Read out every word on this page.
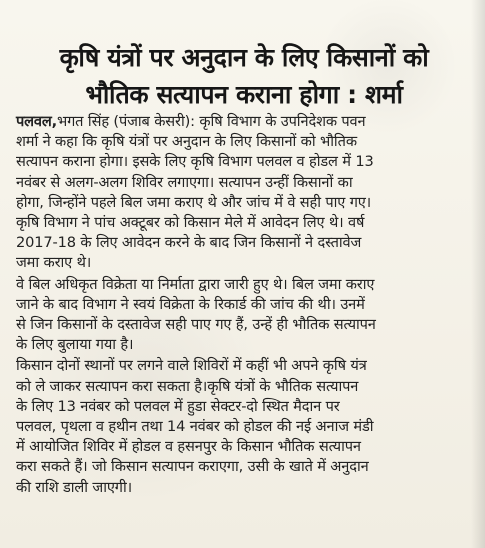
कृषि यंत्रों पर अनुदान के लिए किसानों को
भौतिक सत्यापन कराना होगा : शर्मा

पलवल,भगत सिंह (पंजाब केसरी): कृषि विभाग के उपनिदेशक पवन
शर्मा ने कहा कि कृषि यंत्रों पर अनुदान के लिए किसानों को भौतिक
सत्यापन कराना होगा। इसके लिए कृषि विभाग पलवल व होडल में 13
नवंबर से अलग-अलग शिविर लगाएगा। सत्यापन उन्हीं किसानों का
होगा, जिन्होंने पहले बिल जमा कराए थे और जांच में वे सही पाए गए।
कृषि विभाग ने पांच अक्टूबर को किसान मेले में आवेदन लिए थे। वर्ष
2017-18 के लिए आवेदन करने के बाद जिन किसानों ने दस्तावेज
जमा कराए थे।

वे बिल अधिकृत विक्रेता या निर्माता द्वारा जारी हुए थे। बिल जमा कराए
जाने के बाद विभाग ने स्वयं विक्रेता के रिकार्ड की जांच की थी। उनमें
से जिन किसानों के दस्तावेज सही पाए गए हैं, उन्हें ही भौतिक सत्यापन
के लिए बुलाया गया है।

किसान दोनों स्थानों पर लगने वाले शिविरों में कहीं भी अपने कृषि यंत्र
को ले जाकर सत्यापन करा सकता है।कृषि यंत्रों के भौतिक सत्यापन
के लिए 13 नवंबर को पलवल में हुडा सेक्टर-दो स्थित मैदान पर
पलवल, पृथला व हथीन तथा 14 नवंबर को होडल की नई अनाज मंडी
में आयोजित शिविर में होडल व हसनपुर के किसान भौतिक सत्यापन
करा सकते हैं। जो किसान सत्यापन कराएगा, उसी के खाते में अनुदान
की राशि डाली जाएगी।
